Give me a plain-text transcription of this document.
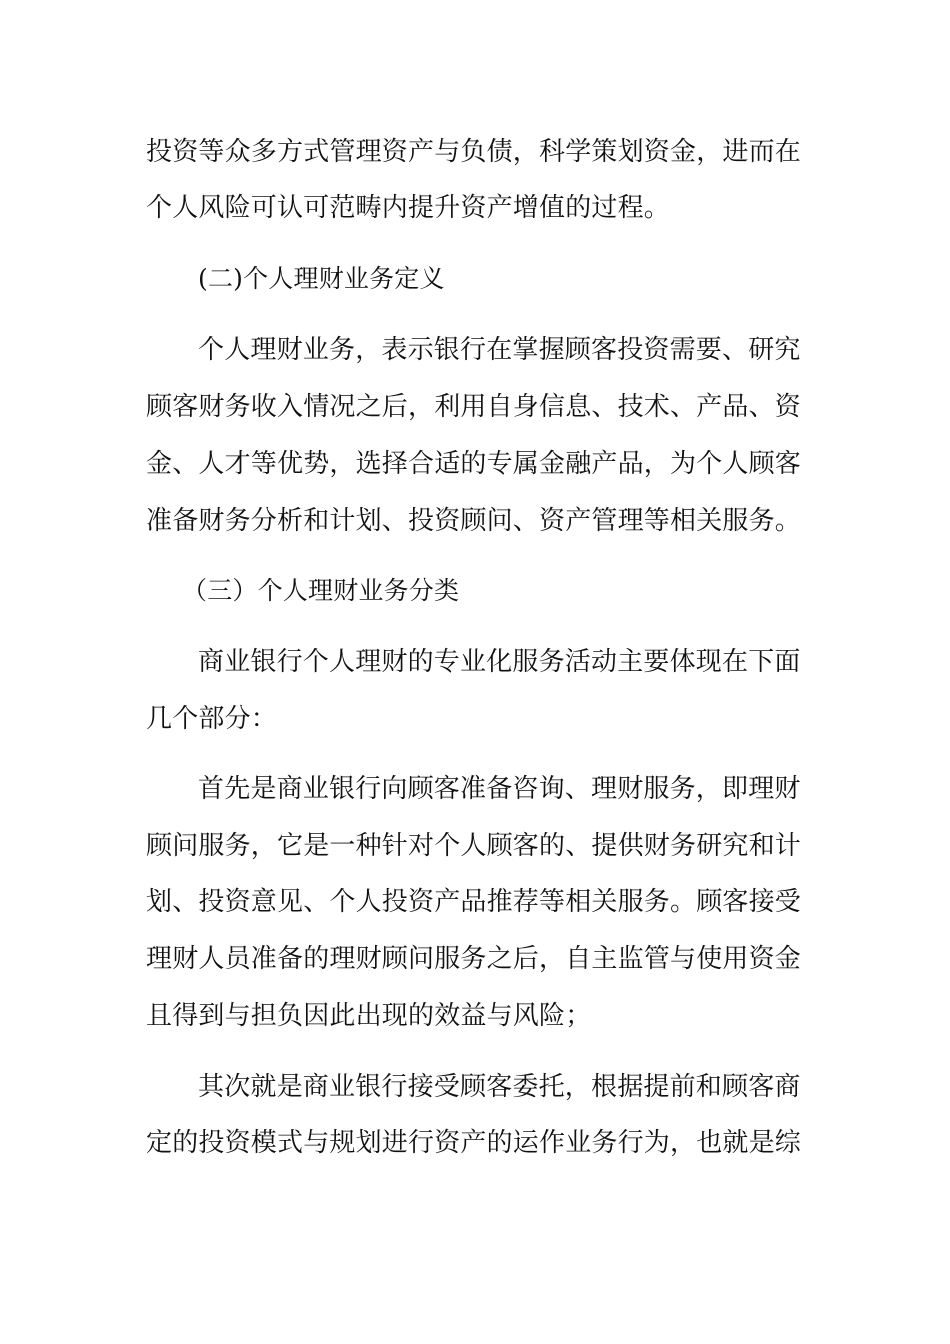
投资等众多方式管理资产与负债，科学策划资金，进而在
个人风险可认可范畴内提升资产增值的过程。
(二)个人理财业务定义
个人理财业务，表示银行在掌握顾客投资需要、研究
顾客财务收入情况之后，利用自身信息、技术、产品、资
金、人才等优势，选择合适的专属金融产品，为个人顾客
准备财务分析和计划、投资顾问、资产管理等相关服务。
（三）个人理财业务分类
商业银行个人理财的专业化服务活动主要体现在下面
几个部分：
首先是商业银行向顾客准备咨询、理财服务，即理财
顾问服务，它是一种针对个人顾客的、提供财务研究和计
划、投资意见、个人投资产品推荐等相关服务。顾客接受
理财人员准备的理财顾问服务之后，自主监管与使用资金
且得到与担负因此出现的效益与风险；
其次就是商业银行接受顾客委托，根据提前和顾客商
定的投资模式与规划进行资产的运作业务行为，也就是综
